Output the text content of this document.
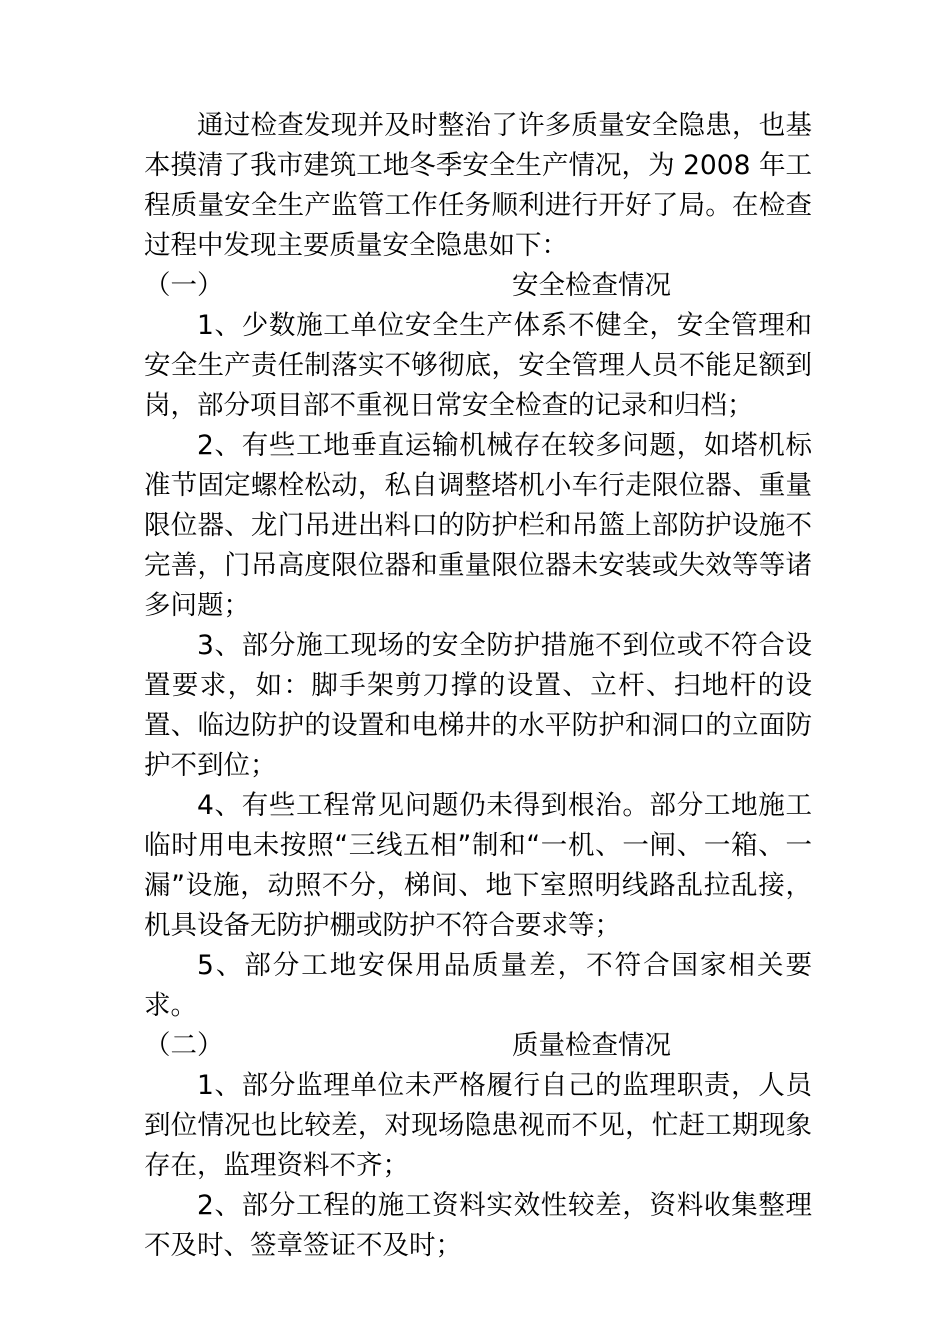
通过检查发现并及时整治了许多质量安全隐患，也基本摸清了我市建筑工地冬季安全生产情况，为 2008 年工程质量安全生产监管工作任务顺利进行开好了局。在检查过程中发现主要质量安全隐患如下：

（一）	安全检查情况

1、少数施工单位安全生产体系不健全，安全管理和安全生产责任制落实不够彻底，安全管理人员不能足额到岗，部分项目部不重视日常安全检查的记录和归档；

2、有些工地垂直运输机械存在较多问题，如塔机标准节固定螺栓松动，私自调整塔机小车行走限位器、重量限位器、龙门吊进出料口的防护栏和吊篮上部防护设施不完善，门吊高度限位器和重量限位器未安装或失效等等诸多问题；

3、部分施工现场的安全防护措施不到位或不符合设置要求，如：脚手架剪刀撑的设置、立杆、扫地杆的设置、临边防护的设置和电梯井的水平防护和洞口的立面防护不到位；

4、有些工程常见问题仍未得到根治。部分工地施工临时用电未按照“三线五相”制和“一机、一闸、一箱、一漏”设施，动照不分，梯间、地下室照明线路乱拉乱接，机具设备无防护棚或防护不符合要求等；

5、部分工地安保用品质量差，不符合国家相关要求。

（二）	质量检查情况

1、部分监理单位未严格履行自己的监理职责，人员到位情况也比较差，对现场隐患视而不见，忙赶工期现象存在，监理资料不齐；

2、部分工程的施工资料实效性较差，资料收集整理不及时、签章签证不及时；
